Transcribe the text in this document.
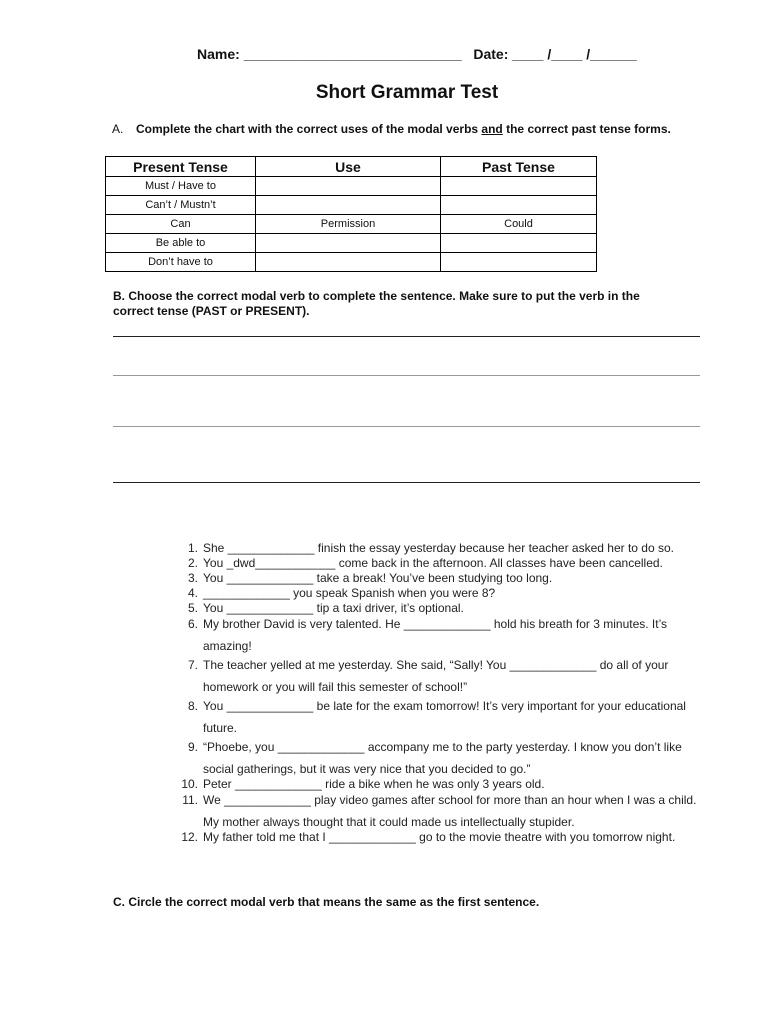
Name: ____________________________ Date: ____ /____ /______
Short Grammar Test
A. Complete the chart with the correct uses of the modal verbs and the correct past tense forms.
Present Tense	Use	Past Tense
Must / Have to		
Can’t / Mustn’t		
Can	Permission	Could
Be able to		
Don’t have to		
B. Choose the correct modal verb to complete the sentence. Make sure to put the verb in the correct tense (PAST or PRESENT).
1. She _____________ finish the essay yesterday because her teacher asked her to do so.
2. You _dwd____________ come back in the afternoon. All classes have been cancelled.
3. You _____________ take a break! You’ve been studying too long.
4. _____________ you speak Spanish when you were 8?
5. You _____________ tip a taxi driver, it’s optional.
6. My brother David is very talented. He _____________ hold his breath for 3 minutes. It’s amazing!
7. The teacher yelled at me yesterday. She said, “Sally! You _____________ do all of your homework or you will fail this semester of school!”
8. You _____________ be late for the exam tomorrow! It’s very important for your educational future.
9. “Phoebe, you _____________ accompany me to the party yesterday. I know you don’t like social gatherings, but it was very nice that you decided to go.”
10. Peter _____________ ride a bike when he was only 3 years old.
11. We _____________ play video games after school for more than an hour when I was a child. My mother always thought that it could made us intellectually stupider.
12. My father told me that I _____________ go to the movie theatre with you tomorrow night.
C. Circle the correct modal verb that means the same as the first sentence.
